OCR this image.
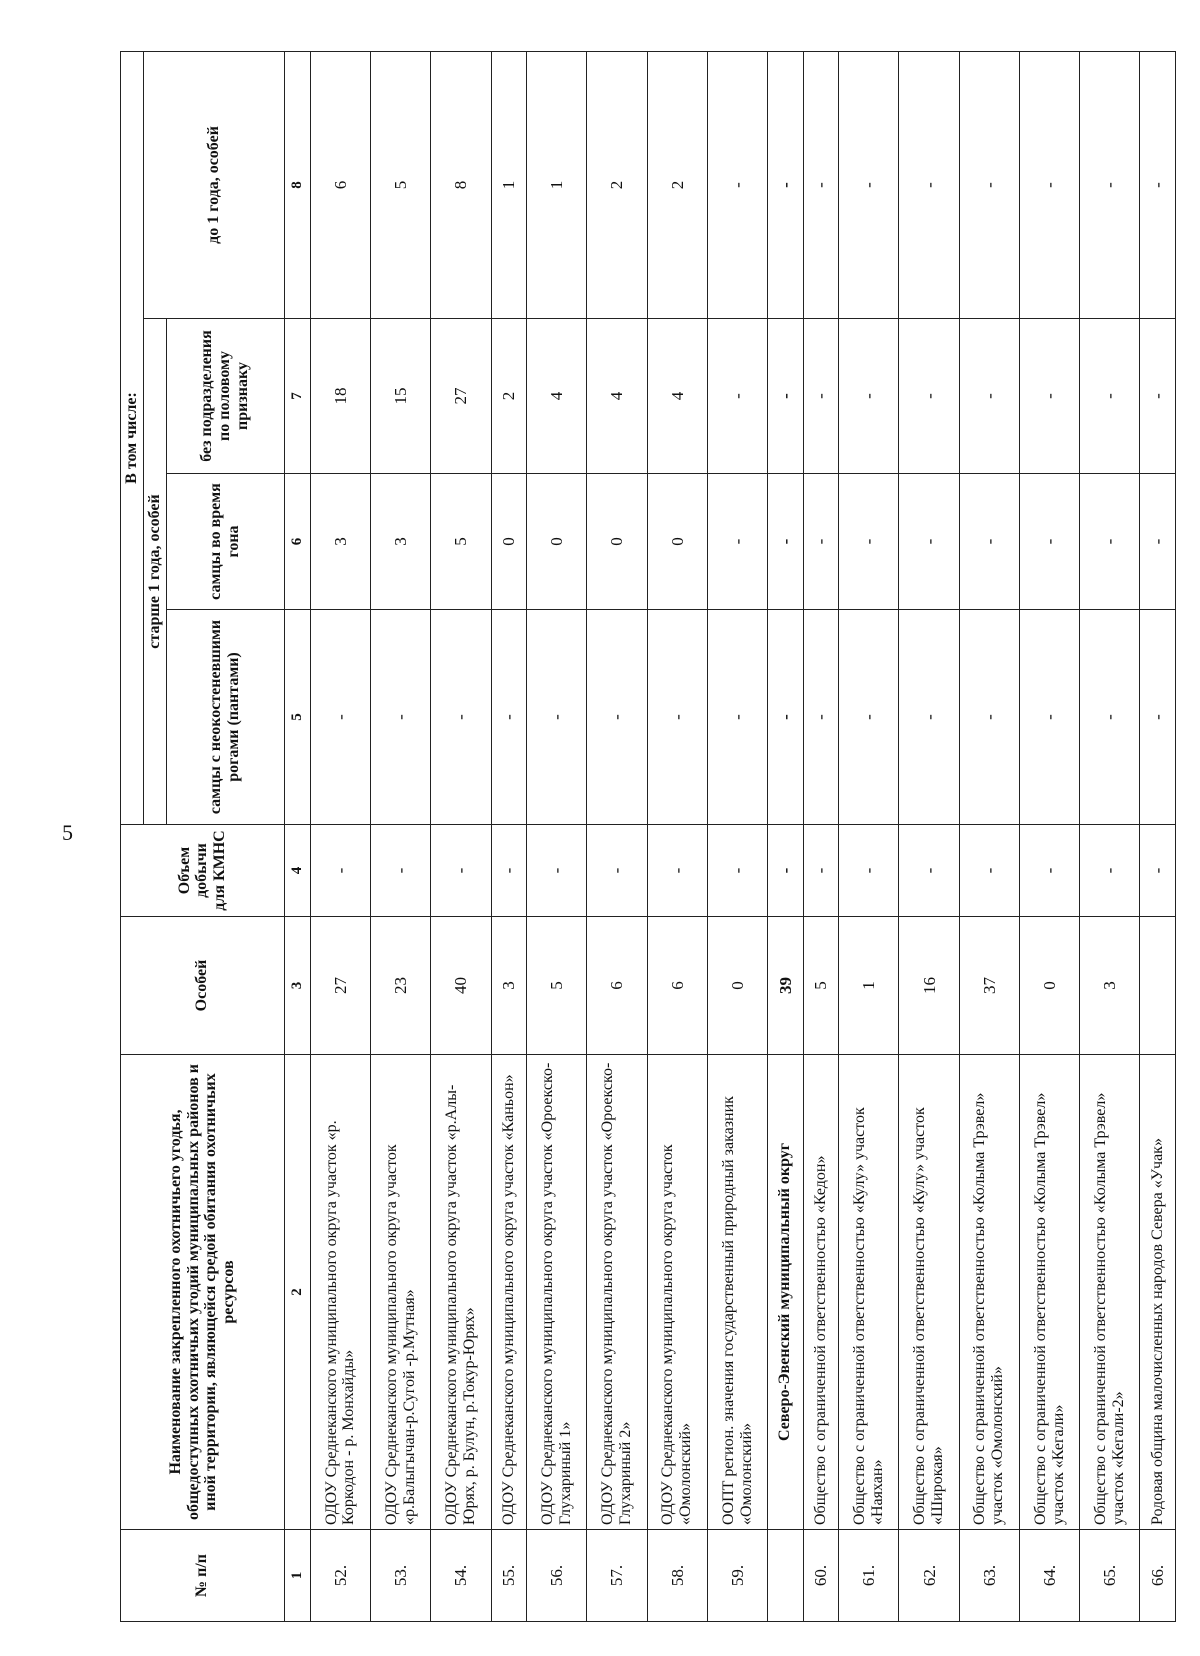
5
№ п/п	Наименование закрепленного охотничьего угодья, общедоступных охотничьих угодий муниципальных районов и иной территории, являющейся средой обитания охотничьих ресурсов	Особей	Объем добычи для КМНС	В том числе:			
				старше 1 года, особей			до 1 года, особей
				самцы с неокостеневшими рогами (пантами)	самцы во время гона	без подразделения по половому признаку	
1	2	3	4	5	6	7	8
52.	ОДОУ Среднеканского муниципального округа участок «р. Коркодон - р. Монхайды»	27	-	-	3	18	6
53.	ОДОУ Среднеканского муниципального округа участок «р.Балыгычан-р.Сугой -р.Мутная»	23	-	-	3	15	5
54.	ОДОУ Среднеканского муниципального округа участок «р.Алы-Юрях, р. Булун, р.Токур-Юрях»	40	-	-	5	27	8
55.	ОДОУ Среднеканского муниципального округа участок «Каньон»	3	-	-	0	2	1
56.	ОДОУ Среднеканского муниципального округа участок «Ороекско-Глухариный 1»	5	-	-	0	4	1
57.	ОДОУ Среднеканского муниципального округа участок «Ороекско-Глухариный 2»	6	-	-	0	4	2
58.	ОДОУ Среднеканского муниципального округа участок «Омолонский»	6	-	-	0	4	2
59.	ООПТ регион. значения государственный природный заказник «Омолонский»	0	-	-	-	-	-
	Северо-Эвенский муниципальный округ	39	-	-	-	-	-
60.	Общество с ограниченной ответственностью «Кедон»	5	-	-	-	-	-
61.	Общество с ограниченной ответственностью «Кулу» участок «Наяхан»	1	-	-	-	-	-
62.	Общество с ограниченной ответственностью «Кулу» участок «Широкая»	16	-	-	-	-	-
63.	Общество с ограниченной ответственностью «Колыма Трэвел» участок «Омолонский»	37	-	-	-	-	-
64.	Общество с ограниченной ответственностью «Колыма Трэвел» участок «Кегали»	0	-	-	-	-	-
65.	Общество с ограниченной ответственностью «Колыма Трэвел» участок «Кегали-2»	3	-	-	-	-	-
66.	Родовая община малочисленных народов Севера «Учак»		-	-	-	-	-
